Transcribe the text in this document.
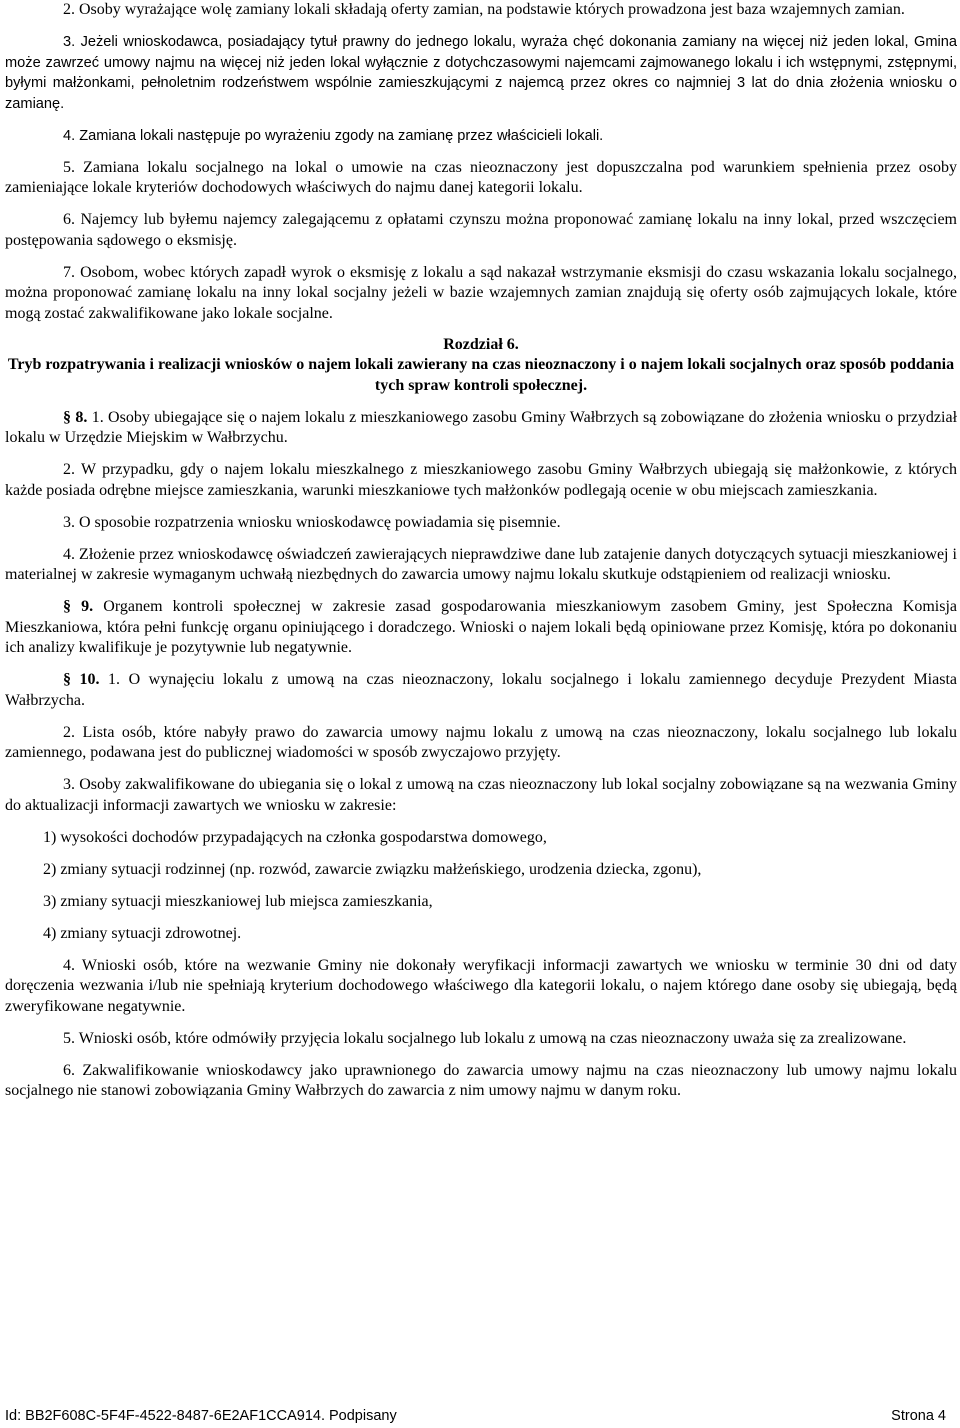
2. Osoby wyrażające wolę zamiany lokali składają oferty zamian, na podstawie których prowadzona jest baza wzajemnych zamian.

3. Jeżeli wnioskodawca, posiadający tytuł prawny do jednego lokalu, wyraża chęć dokonania zamiany na więcej niż jeden lokal, Gmina może zawrzeć umowy najmu na więcej niż jeden lokal wyłącznie z dotychczasowymi najemcami zajmowanego lokalu i ich wstępnymi, zstępnymi, byłymi małżonkami, pełnoletnim rodzeństwem wspólnie zamieszkującymi z najemcą przez okres co najmniej 3 lat do dnia złożenia wniosku o zamianę.

4. Zamiana lokali następuje po wyrażeniu zgody na zamianę przez właścicieli lokali.

5. Zamiana lokalu socjalnego na lokal o umowie na czas nieoznaczony jest dopuszczalna pod warunkiem spełnienia przez osoby zamieniające lokale kryteriów dochodowych właściwych do najmu danej kategorii lokalu.

6. Najemcy lub byłemu najemcy zalegającemu z opłatami czynszu można proponować zamianę lokalu na inny lokal, przed wszczęciem postępowania sądowego o eksmisję.

7. Osobom, wobec których zapadł wyrok o eksmisję z lokalu a sąd nakazał wstrzymanie eksmisji do czasu wskazania lokalu socjalnego, można proponować zamianę lokalu na inny lokal socjalny jeżeli w bazie wzajemnych zamian znajdują się oferty osób zajmujących lokale, które mogą zostać zakwalifikowane jako lokale socjalne.

Rozdział 6.

Tryb rozpatrywania i realizacji wniosków o najem lokali zawierany na czas nieoznaczony i o najem lokali socjalnych oraz sposób poddania tych spraw kontroli społecznej.

§ 8. 1. Osoby ubiegające się o najem lokalu z mieszkaniowego zasobu Gminy Wałbrzych są zobowiązane do złożenia wniosku o przydział lokalu w Urzędzie Miejskim w Wałbrzychu.

2. W przypadku, gdy o najem lokalu mieszkalnego z mieszkaniowego zasobu Gminy Wałbrzych ubiegają się małżonkowie, z których każde posiada odrębne miejsce zamieszkania, warunki mieszkaniowe tych małżonków podlegają ocenie w obu miejscach zamieszkania.

3. O sposobie rozpatrzenia wniosku wnioskodawcę powiadamia się pisemnie.

4. Złożenie przez wnioskodawcę oświadczeń zawierających nieprawdziwe dane lub zatajenie danych dotyczących sytuacji mieszkaniowej i materialnej w zakresie wymaganym uchwałą niezbędnych do zawarcia umowy najmu lokalu skutkuje odstąpieniem od realizacji wniosku.

§ 9. Organem kontroli społecznej w zakresie zasad gospodarowania mieszkaniowym zasobem Gminy, jest Społeczna Komisja Mieszkaniowa, która pełni funkcję organu opiniującego i doradczego. Wnioski o najem lokali będą opiniowane przez Komisję, która po dokonaniu ich analizy kwalifikuje je pozytywnie lub negatywnie.

§ 10. 1. O wynajęciu lokalu z umową na czas nieoznaczony, lokalu socjalnego i lokalu zamiennego decyduje Prezydent Miasta Wałbrzycha.

2. Lista osób, które nabyły prawo do zawarcia umowy najmu lokalu z umową na czas nieoznaczony, lokalu socjalnego lub lokalu zamiennego, podawana jest do publicznej wiadomości w sposób zwyczajowo przyjęty.

3. Osoby zakwalifikowane do ubiegania się o lokal z umową na czas nieoznaczony lub lokal socjalny zobowiązane są na wezwania Gminy do aktualizacji informacji zawartych we wniosku w zakresie:

1) wysokości dochodów przypadających na członka gospodarstwa domowego,

2) zmiany sytuacji rodzinnej (np. rozwód, zawarcie związku małżeńskiego, urodzenia dziecka, zgonu),

3) zmiany sytuacji mieszkaniowej lub miejsca zamieszkania,

4) zmiany sytuacji zdrowotnej.

4. Wnioski osób, które na wezwanie Gminy nie dokonały weryfikacji informacji zawartych we wniosku w terminie 30 dni od daty doręczenia wezwania i/lub nie spełniają kryterium dochodowego właściwego dla kategorii lokalu, o najem którego dane osoby się ubiegają, będą zweryfikowane negatywnie.

5. Wnioski osób, które odmówiły przyjęcia lokalu socjalnego lub lokalu z umową na czas nieoznaczony uważa się za zrealizowane.

6. Zakwalifikowanie wnioskodawcy jako uprawnionego do zawarcia umowy najmu na czas nieoznaczony lub umowy najmu lokalu socjalnego nie stanowi zobowiązania Gminy Wałbrzych do zawarcia z nim umowy najmu w danym roku.

Id: BB2F608C-5F4F-4522-8487-6E2AF1CCA914. Podpisany	Strona 4
